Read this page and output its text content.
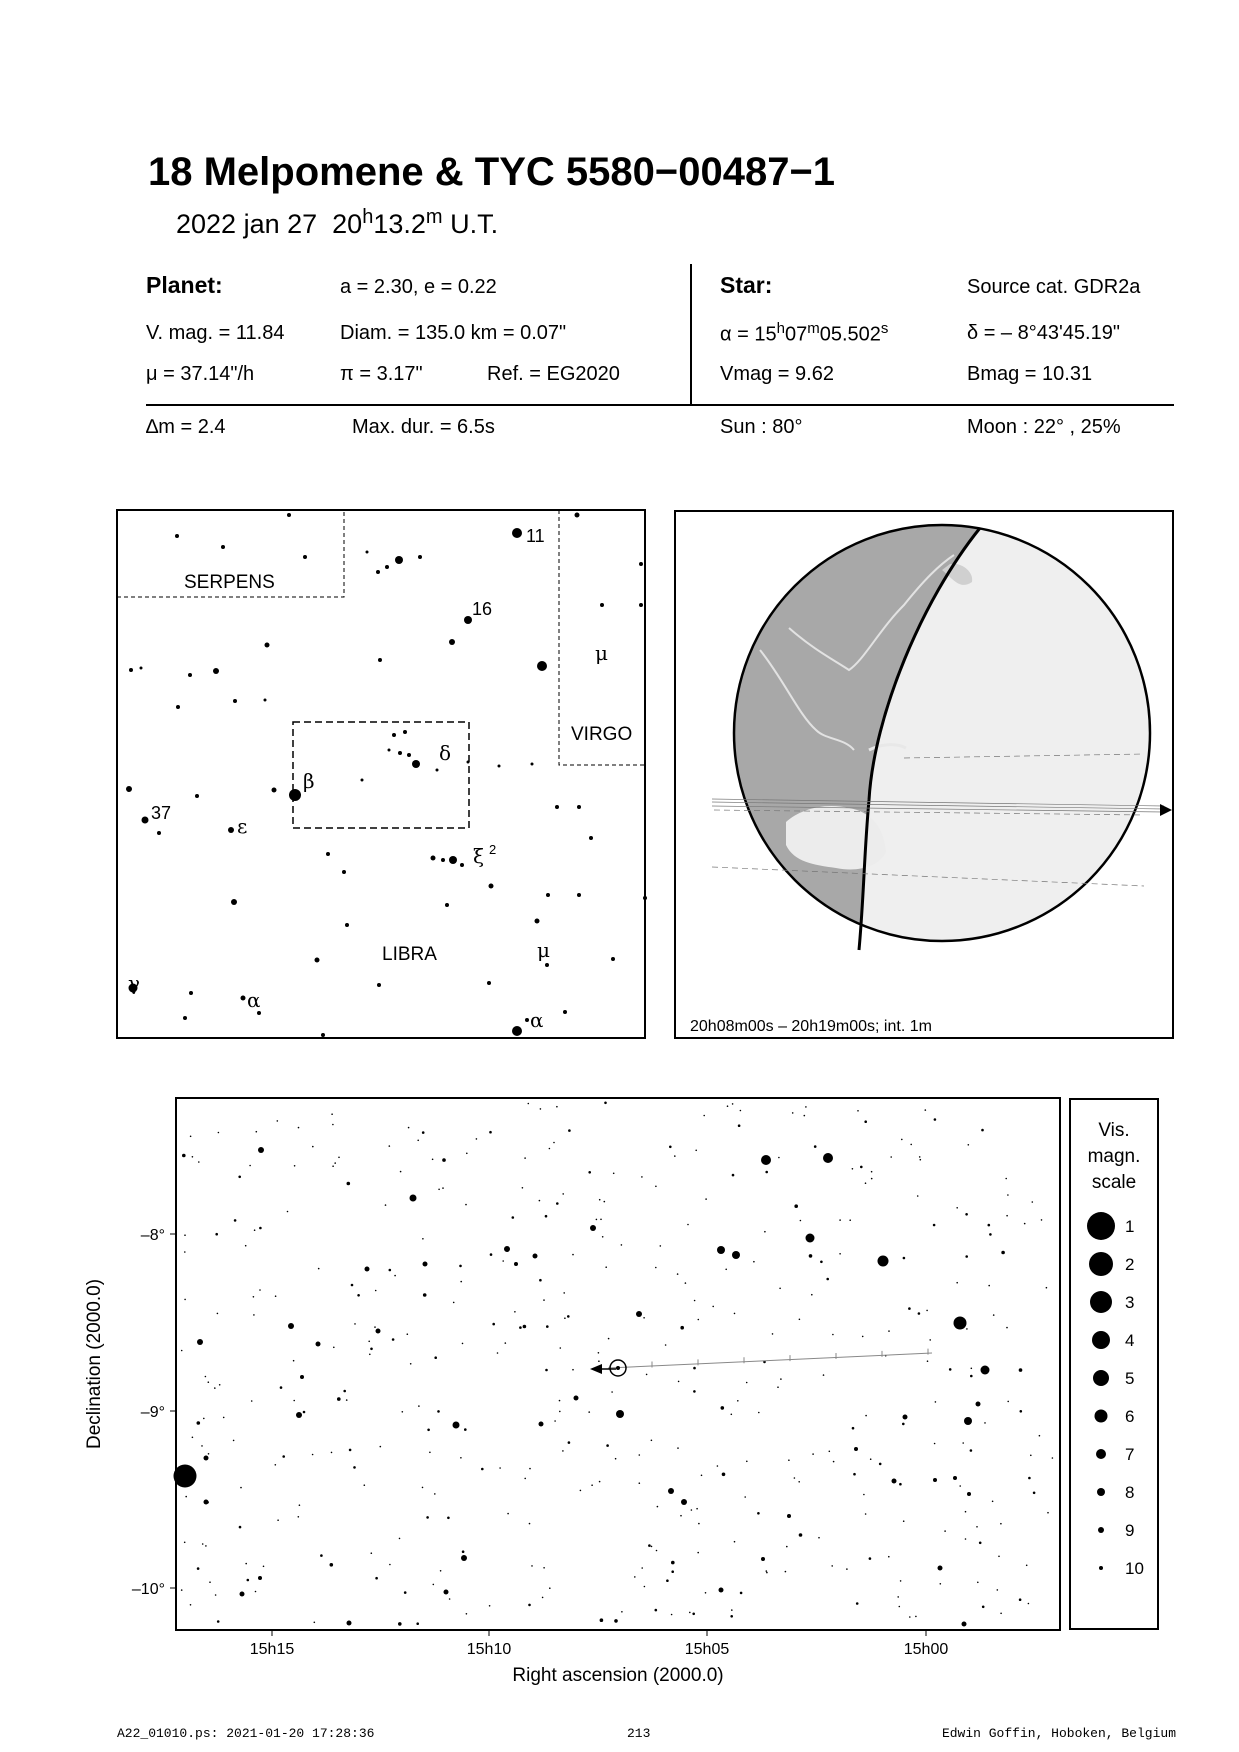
18 Melpomene & TYC 5580−00487−1
2022 jan 27 20$^h$13.2$^m$ U.T.
Planet:	a = 2.30, e = 0.22
V. mag. = 11.84	Diam. = 135.0 km = 0.07"
μ = 37.14"/h	π = 3.17"	Ref. = EG2020
Star:	Source cat. GDR2a
$\alpha = 15^h07^m05.502^s$	δ = – 8°43'45.19"
Vmag = 9.62	Bmag = 10.31
∆m = 2.4	Max. dur. = 6.5s	Sun : 80°	Moon : 22° , 25%
SERPENS
VIRGO
LIBRA
11
16
37
μ
β
δ
ε
ξ 2
μ
γ
α
α	20h08m00s – 20h19m00s; int. 1m
–8°
–9°
–10°
15h15	15h10	15h05	15h00
Right ascension (2000.0)
Declination (2000.0)
Vis.
magn.
scale
1
2
3
4
5
6
7
8
9
10
A22_01010.ps: 2021-01-20 17:28:36	213	Edwin Goffin, Hoboken, Belgium
